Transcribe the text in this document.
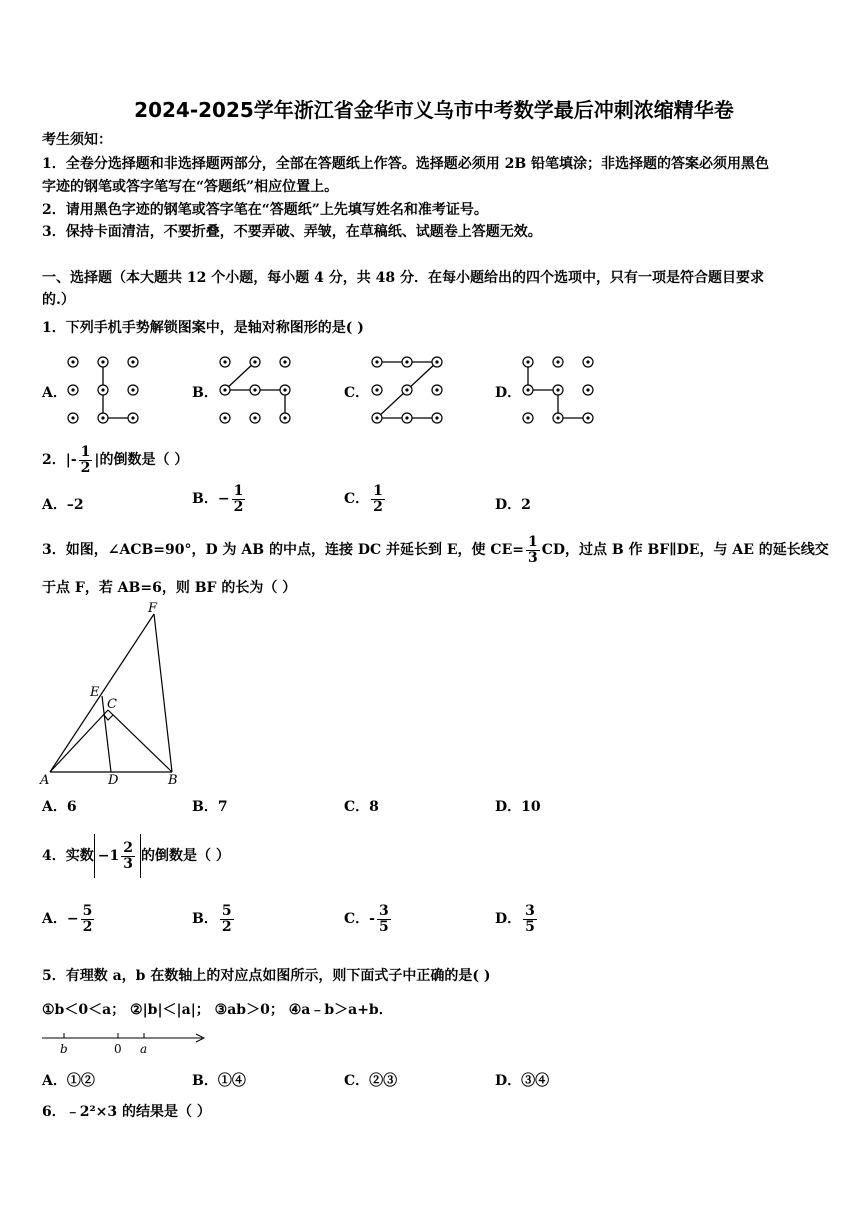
2024-2025学年浙江省金华市义乌市中考数学最后冲刺浓缩精华卷
考生须知：
1．全卷分选择题和非选择题两部分，全部在答题纸上作答。选择题必须用 2B 铅笔填涂；非选择题的答案必须用黑色
字迹的钢笔或答字笔写在“答题纸”相应位置上。
2．请用黑色字迹的钢笔或答字笔在“答题纸”上先填写姓名和准考证号。
3．保持卡面清洁，不要折叠，不要弄破、弄皱，在草稿纸、试题卷上答题无效。
一、选择题（本大题共 12 个小题，每小题 4 分，共 48 分．在每小题给出的四个选项中，只有一项是符合题目要求
的.）
1．下列手机手势解锁图案中，是轴对称图形的是( )
A．	B．	C．	D．
2．|- $\frac{1}{2}$ |的倒数是（ ）
A．–2	B．− $\frac{1}{2}$	C． $\frac{1}{2}$	D．2
3．如图，∠ACB=90°，D 为 AB 的中点，连接 DC 并延长到 E，使 $CE= \frac{1}{3}$ CD，过点 B 作 BF∥DE，与 AE 的延长线交
于点 F，若 AB=6，则 BF 的长为（ ）
F
E
C
A	D	B
A．6	B．7	C．8	D．10
4．实数 $-1 \frac{2}{3}$ 的倒数是（ ）
A．− $\frac{5}{2}$	B． $\frac{5}{2}$	C．- $\frac{3}{5}$	D． $\frac{3}{5}$
5．有理数 a，b 在数轴上的对应点如图所示，则下面式子中正确的是( )
①b＜0＜a； ②|b|＜|a|； ③ab＞0； ④a﹣b＞a+b．
b	0 a
A．①②	B．①④	C．②③	D．③④
6．﹣2²×3 的结果是（ ）
